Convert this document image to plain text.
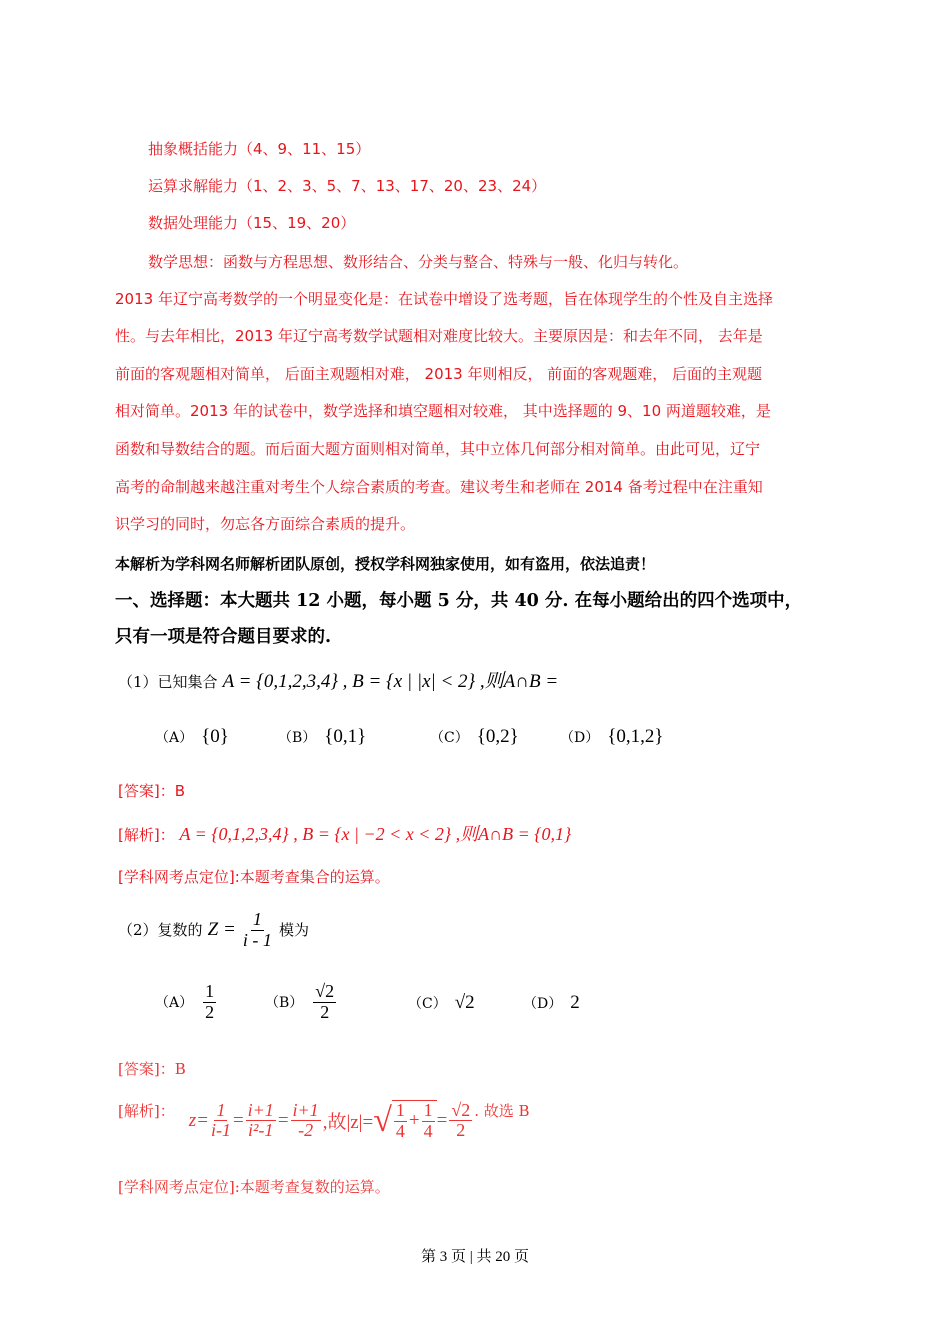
抽象概括能力（4、9、11、15）
运算求解能力（1、2、3、5、7、13、17、20、23、24）
数据处理能力（15、19、20）
数学思想：函数与方程思想、数形结合、分类与整合、特殊与一般、化归与转化。
2013 年辽宁高考数学的一个明显变化是：在试卷中增设了选考题，旨在体现学生的个性及自主选择
性。与去年相比，2013 年辽宁高考数学试题相对难度比较大。主要原因是：和去年不同， 去年是
前面的客观题相对简单， 后面主观题相对难， 2013 年则相反， 前面的客观题难， 后面的主观题
相对简单。2013 年的试卷中，数学选择和填空题相对较难， 其中选择题的 9、10 两道题较难，是
函数和导数结合的题。而后面大题方面则相对简单，其中立体几何部分相对简单。由此可见，辽宁
高考的命制越来越注重对考生个人综合素质的考查。建议考生和老师在 2014 备考过程中在注重知
识学习的同时，勿忘各方面综合素质的提升。
本解析为学科网名师解析团队原创，授权学科网独家使用，如有盗用，依法追责！
一、选择题：本大题共 12 小题，每小题 5 分，共 40 分. 在每小题给出的四个选项中，
只有一项是符合题目要求的.
（1）已知集合 A = {0,1,2,3,4} , B = {x | |x| < 2} ,则A∩B =
（A） {0}	（B） {0,1}	（C） {0,2}	（D） {0,1,2}
[答案]：B
[解析]： A = {0,1,2,3,4} , B = {x | −2 < x < 2} ,则A∩B = {0,1}
[学科网考点定位]:本题考查集合的运算。
（2）复数的 $Z = \frac{1}{i - 1}$ 模为
$(A) \frac{1}{2}$	$(B) \frac{√2}{2}$	（C） √2	（D） 2
[答案]：B
[解析]： $z= \frac{1}{i-1} = \frac{i+1}{\text{i²-1}} = \frac{i+1}{-2}$ ,故|z|= √ $\frac{1}{4} + \frac{1}{4} = \frac{√2}{2}$ . 故选 B
[学科网考点定位]:本题考查复数的运算。
第 3 页 | 共 20 页
